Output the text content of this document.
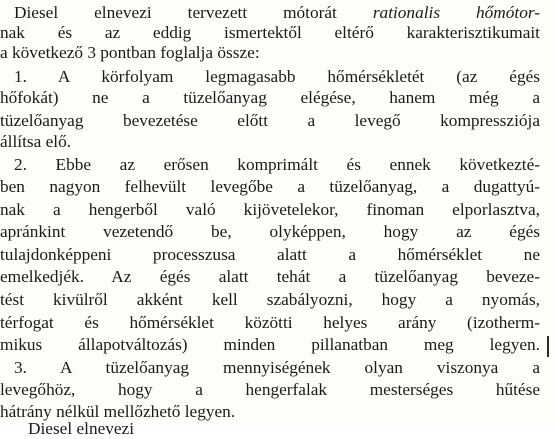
Diesel elnevezi tervezett mótorát rationalis hőmótor-
nak és az eddig ismertektől eltérő karakterisztikumait
a következő 3 pontban foglalja össze:
1. A körfolyam legmagasabb hőmérsékletét (az égés
hőfokát) ne a tüzelőanyag elégése, hanem még a
tüzelőanyag bevezetése előtt a levegő kompressziója
állítsa elő.
2. Ebbe az erősen komprimált és ennek következté-
ben nagyon felhevült levegőbe a tüzelőanyag, a dugattyú-
nak a hengerből való kijövetelekor, finoman elporlasztva,
apránkint vezetendő be, olyképpen, hogy az égés
tulajdonképpeni processzusa alatt a hőmérséklet ne
emelkedjék. Az égés alatt tehát a tüzelőanyag beveze-
tést kivülről akként kell szabályozni, hogy a nyomás,
térfogat és hőmérséklet közötti helyes arány (izotherm-
mikus állapotváltozás) minden pillanatban meg legyen.
3. A tüzelőanyag mennyiségének olyan viszonya a
levegőhöz, hogy a hengerfalak mesterséges hűtése
hátrány nélkül mellőzhető legyen.
Diesel elnevezi
